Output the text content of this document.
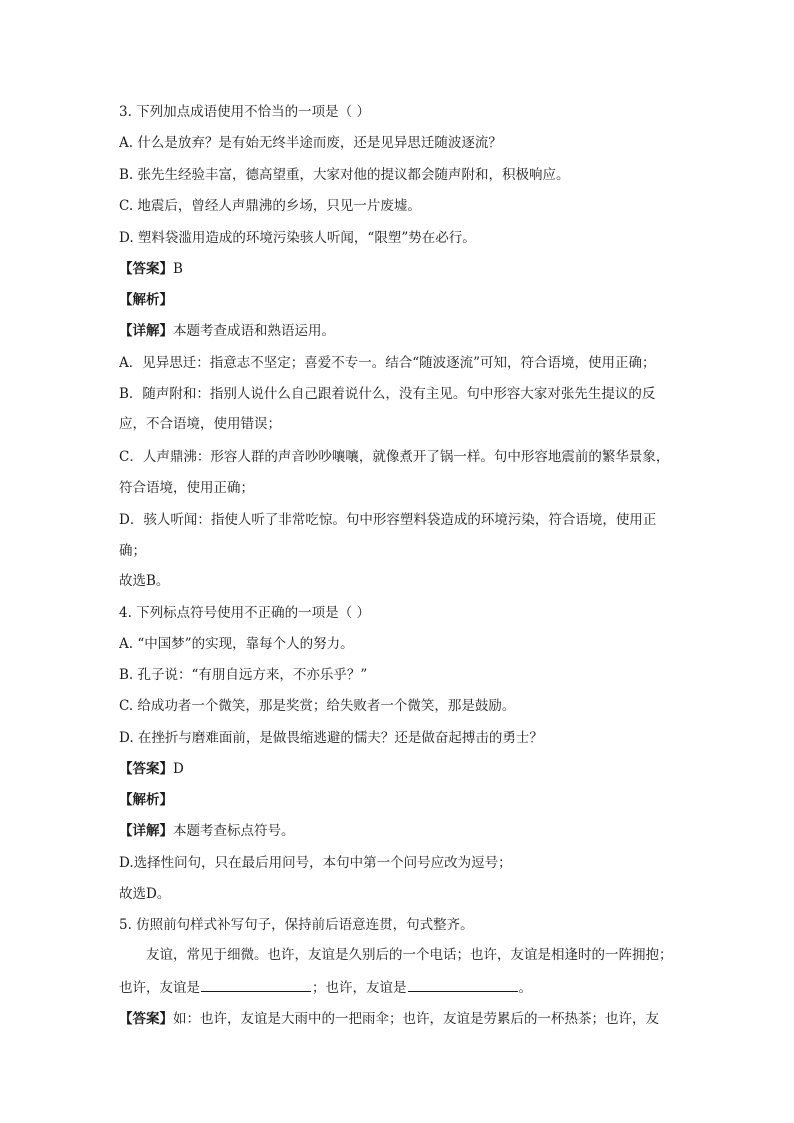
3. 下列加点成语使用不恰当的一项是（ ）
A. 什么是放弃？是有始无终半途而废，还是见异思迁随波逐流？
B. 张先生经验丰富，德高望重，大家对他的提议都会随声附和，积极响应。
C. 地震后，曾经人声鼎沸的乡场，只见一片废墟。
D. 塑料袋滥用造成的环境污染骇人听闻，“限塑”势在必行。
【答案】B
【解析】
【详解】本题考查成语和熟语运用。
A．见异思迁：指意志不坚定；喜爱不专一。结合“随波逐流”可知，符合语境，使用正确；
B．随声附和：指别人说什么自己跟着说什么，没有主见。句中形容大家对张先生提议的反
应，不合语境，使用错误；
C．人声鼎沸：形容人群的声音吵吵嚷嚷，就像煮开了锅一样。句中形容地震前的繁华景象，
符合语境，使用正确；
D．骇人听闻：指使人听了非常吃惊。句中形容塑料袋造成的环境污染，符合语境，使用正
确；
故选B。
4. 下列标点符号使用不正确的一项是（ ）
A. “中国梦”的实现，靠每个人的努力。
B. 孔子说：“有朋自远方来，不亦乐乎？”
C. 给成功者一个微笑，那是奖赏；给失败者一个微笑，那是鼓励。
D. 在挫折与磨难面前，是做畏缩逃避的懦夫？还是做奋起搏击的勇士？
【答案】D
【解析】
【详解】本题考查标点符号。
D.选择性问句，只在最后用问号，本句中第一个问号应改为逗号；
故选D。
5. 仿照前句样式补写句子，保持前后语意连贯，句式整齐。
友谊，常见于细微。也许，友谊是久别后的一个电话；也许，友谊是相逢时的一阵拥抱；
也许，友谊是	；也许，友谊是	。
【答案】如：也许，友谊是大雨中的一把雨伞；也许，友谊是劳累后的一杯热茶；也许，友
